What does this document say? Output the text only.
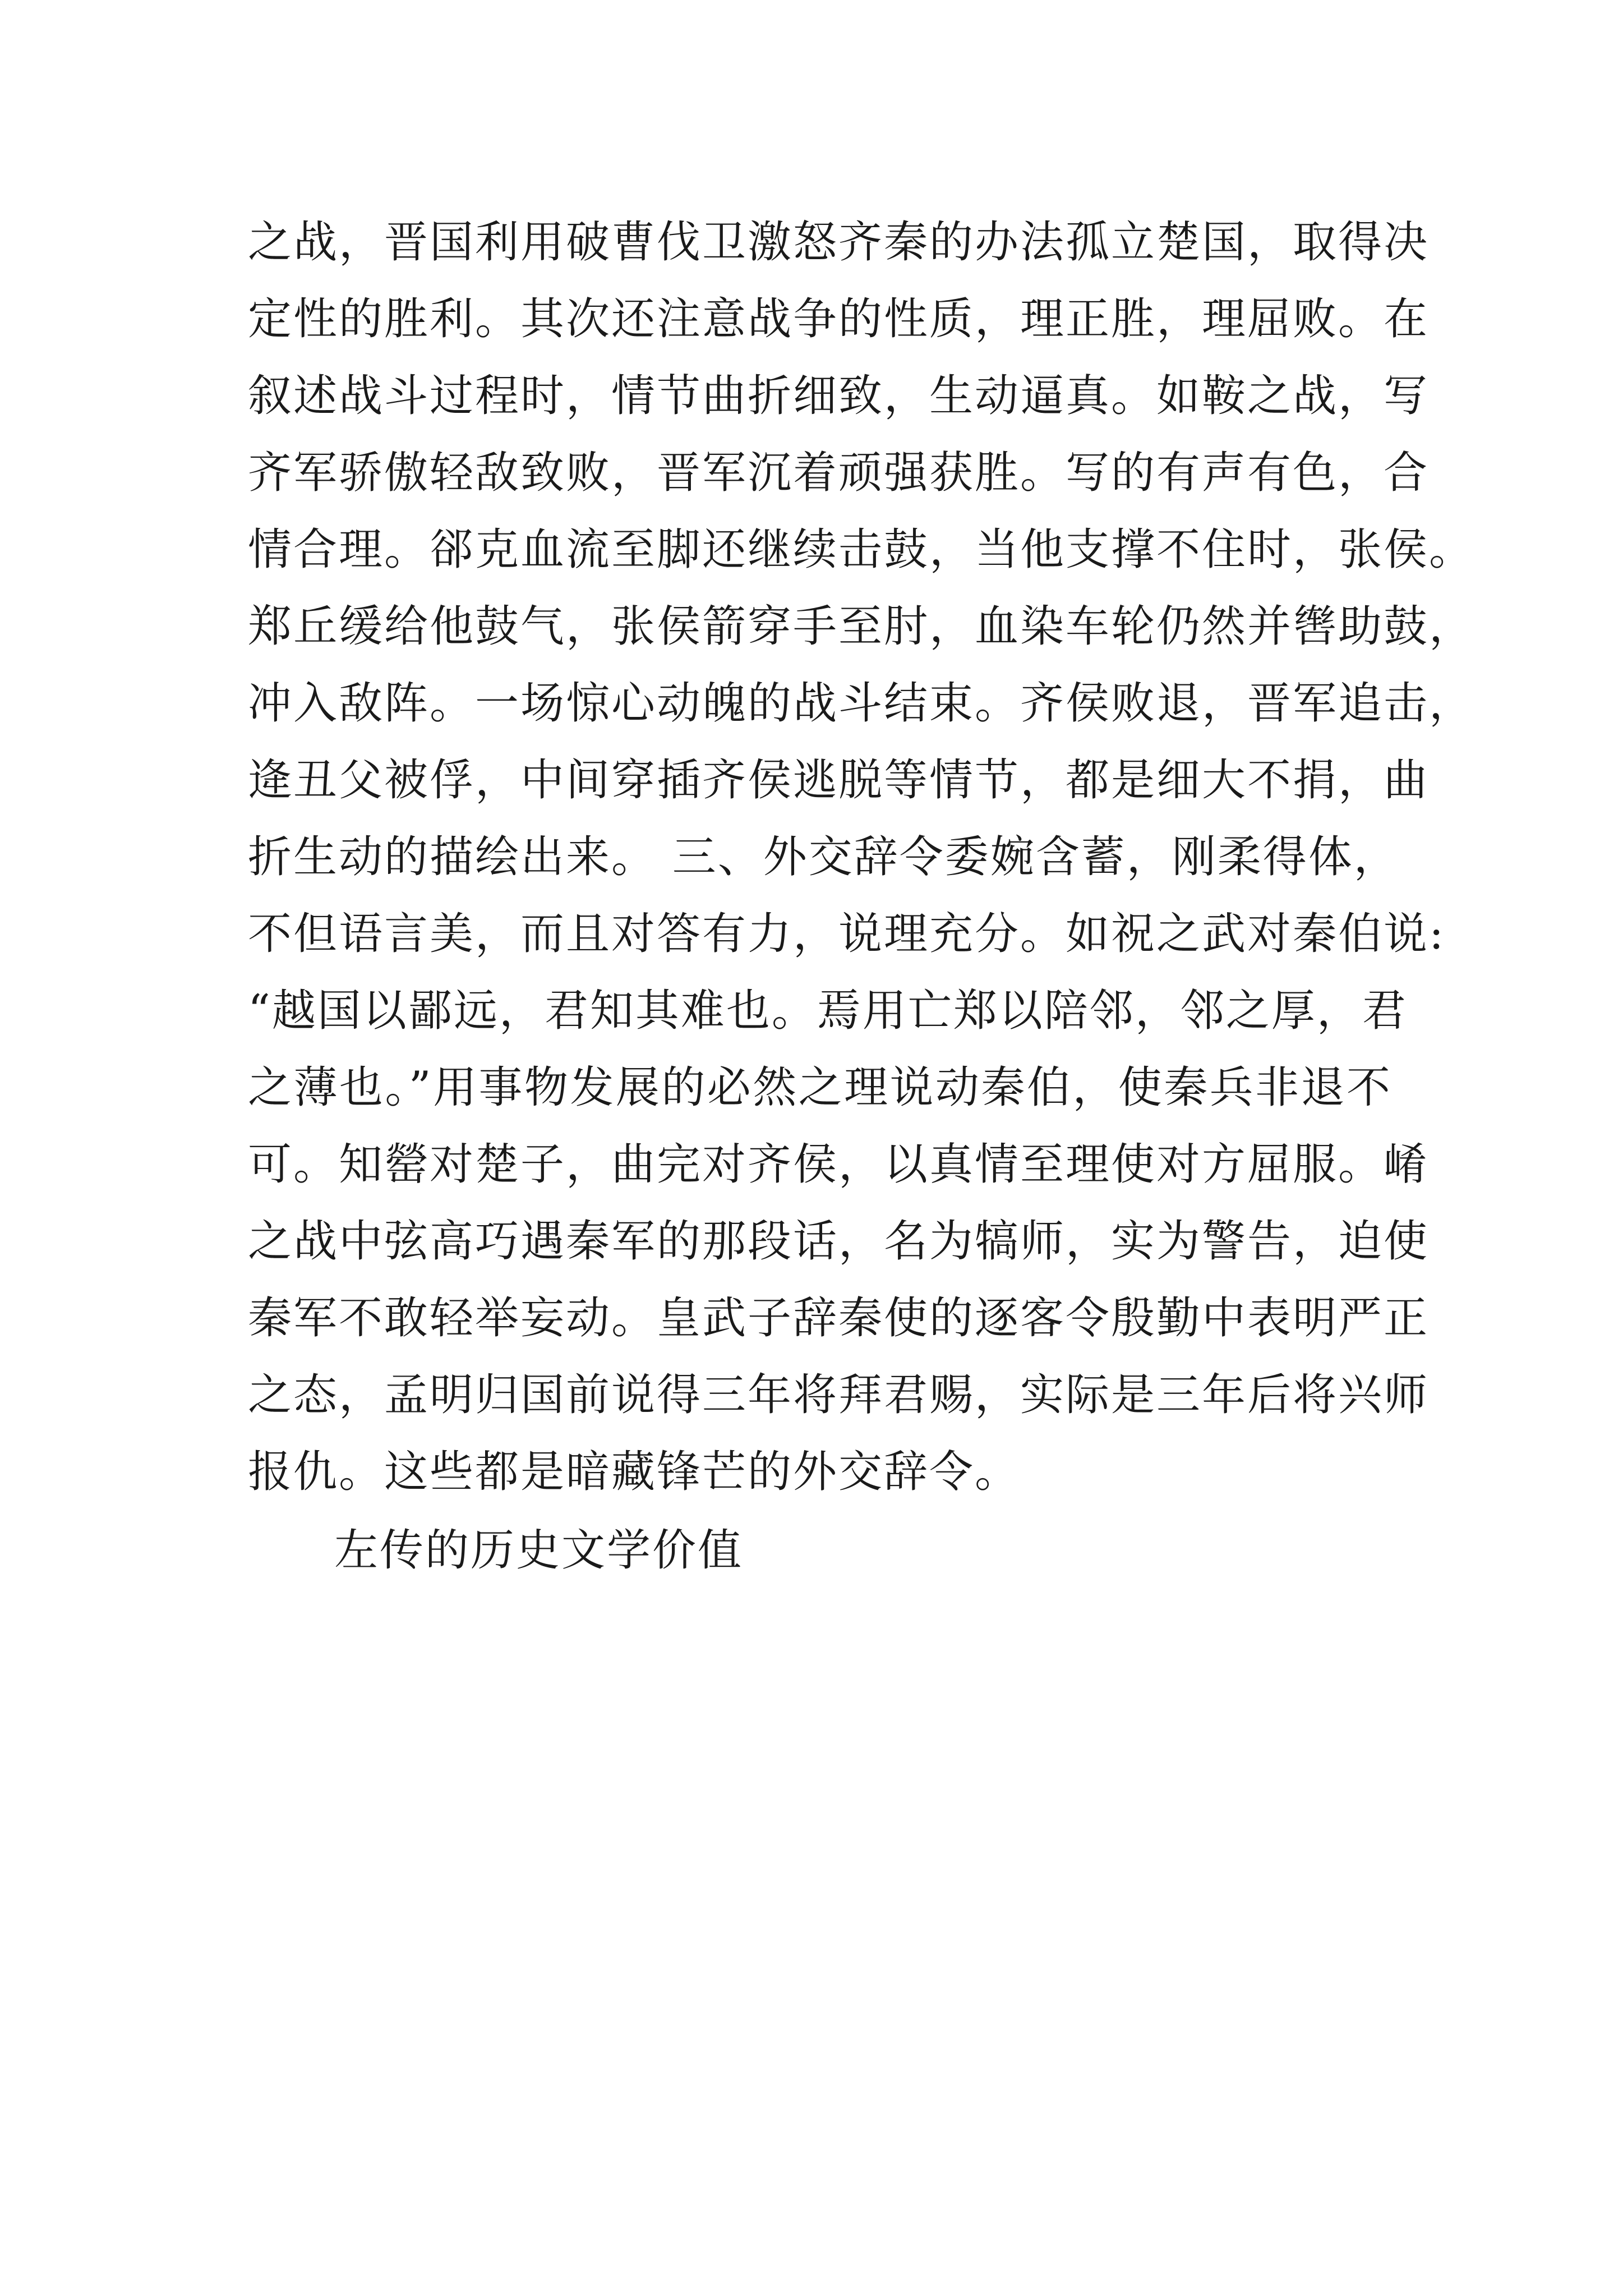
之战，晋国利用破曹伐卫激怒齐秦的办法孤立楚国，取得决
定性的胜利。其次还注意战争的性质，理正胜，理屈败。在
叙述战斗过程时，情节曲折细致，生动逼真。如鞍之战，写
齐军骄傲轻敌致败，晋军沉着顽强获胜。写的有声有色，合
情合理。郤克血流至脚还继续击鼓，当他支撑不住时，张侯。
郑丘缓给他鼓气，张侯箭穿手至肘，血染车轮仍然并辔助鼓，
冲入敌阵。一场惊心动魄的战斗结束。齐侯败退，晋军追击，
逄丑父被俘，中间穿插齐侯逃脱等情节，都是细大不捐，曲
折生动的描绘出来。 三、外交辞令委婉含蓄，刚柔得体，
不但语言美，而且对答有力，说理充分。如祝之武对秦伯说:
“越国以鄙远，君知其难也。焉用亡郑以陪邻，邻之厚，君
之薄也。”用事物发展的必然之理说动秦伯，使秦兵非退不
可。知罃对楚子，曲完对齐侯，以真情至理使对方屈服。崤
之战中弦高巧遇秦军的那段话，名为犒师，实为警告，迫使
秦军不敢轻举妄动。皇武子辞秦使的逐客令殷勤中表明严正
之态，孟明归国前说得三年将拜君赐，实际是三年后将兴师
报仇。这些都是暗藏锋芒的外交辞令。
左传的历史文学价值
